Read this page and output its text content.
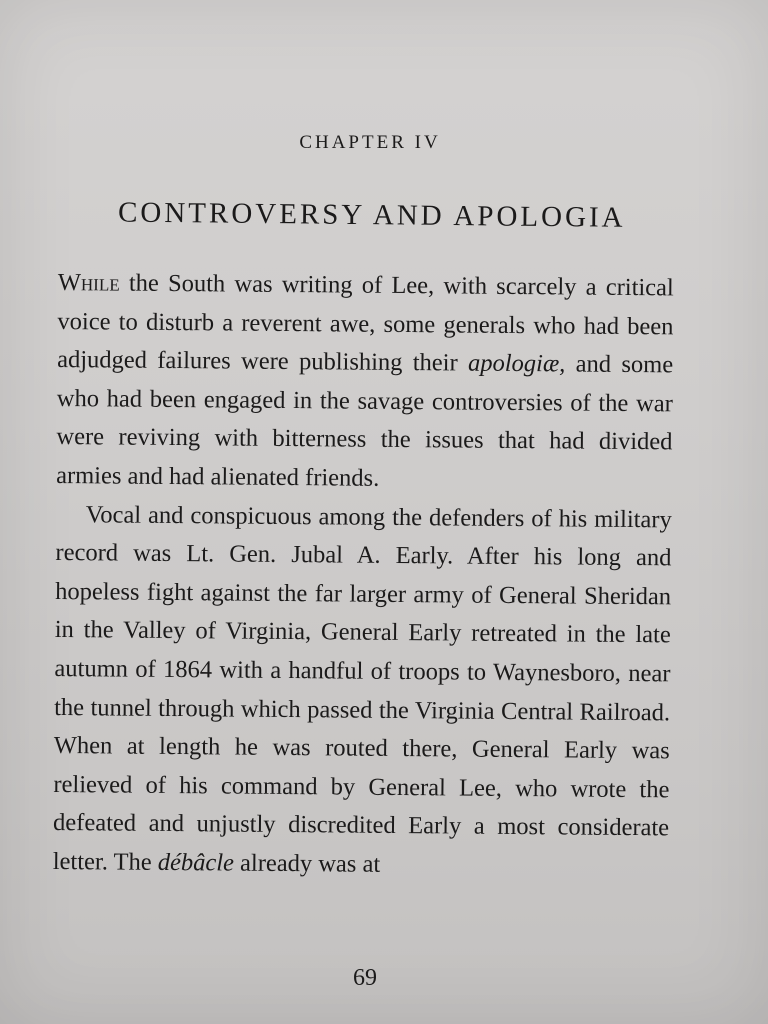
CHAPTER IV
CONTROVERSY AND APOLOGIA

While the South was writing of Lee, with scarcely a critical voice to disturb a reverent awe, some generals who had been adjudged failures were publishing their apologiæ, and some who had been engaged in the savage controversies of the war were reviving with bitterness the issues that had divided armies and had alienated friends.

Vocal and conspicuous among the defenders of his military record was Lt. Gen. Jubal A. Early. After his long and hopeless fight against the far larger army of General Sheridan in the Valley of Virginia, General Early retreated in the late autumn of 1864 with a handful of troops to Waynesboro, near the tunnel through which passed the Virginia Central Railroad. When at length he was routed there, General Early was relieved of his command by General Lee, who wrote the defeated and unjustly discredited Early a most considerate letter. The débâcle already was at

69
